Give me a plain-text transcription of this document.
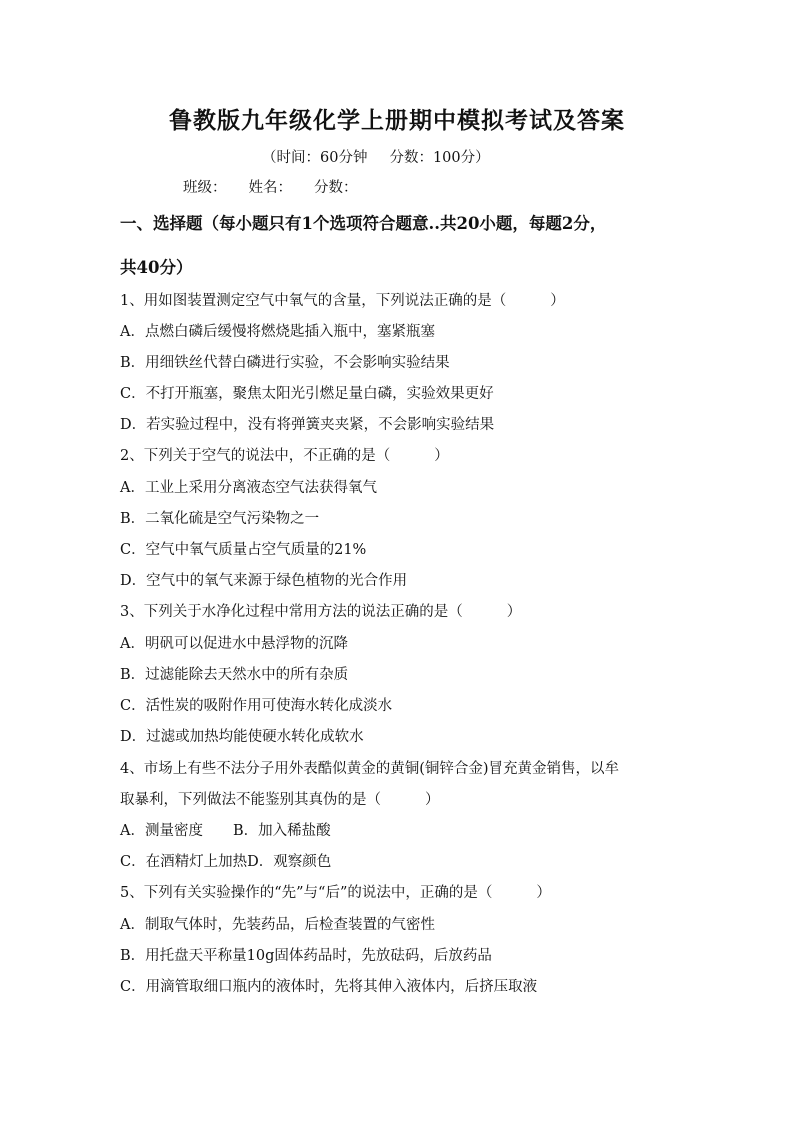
鲁教版九年级化学上册期中模拟考试及答案
（时间：60分钟 分数：100分）
班级： 姓名： 分数：
一、选择题（每小题只有1个选项符合题意..共20小题，每题2分，
共40分）
1、用如图装置测定空气中氧气的含量，下列说法正确的是（	）
A．点燃白磷后缓慢将燃烧匙插入瓶中，塞紧瓶塞
B．用细铁丝代替白磷进行实验，不会影响实验结果
C．不打开瓶塞，聚焦太阳光引燃足量白磷，实验效果更好
D．若实验过程中，没有将弹簧夹夹紧，不会影响实验结果
2、下列关于空气的说法中，不正确的是（	）
A．工业上采用分离液态空气法获得氧气
B．二氧化硫是空气污染物之一
C．空气中氧气质量占空气质量的21%
D．空气中的氧气来源于绿色植物的光合作用
3、下列关于水净化过程中常用方法的说法正确的是（	）
A．明矾可以促进水中悬浮物的沉降
B．过滤能除去天然水中的所有杂质
C．活性炭的吸附作用可使海水转化成淡水
D．过滤或加热均能使硬水转化成软水
4、市场上有些不法分子用外表酷似黄金的黄铜(铜锌合金)冒充黄金销售，以牟
取暴利，下列做法不能鉴别其真伪的是（	）
A．测量密度 B．加入稀盐酸
C．在酒精灯上加热D．观察颜色
5、下列有关实验操作的“先”与“后”的说法中，正确的是（	）
A．制取气体时，先装药品，后检查装置的气密性
B．用托盘天平称量10g固体药品时，先放砝码，后放药品
C．用滴管取细口瓶内的液体时，先将其伸入液体内，后挤压取液
